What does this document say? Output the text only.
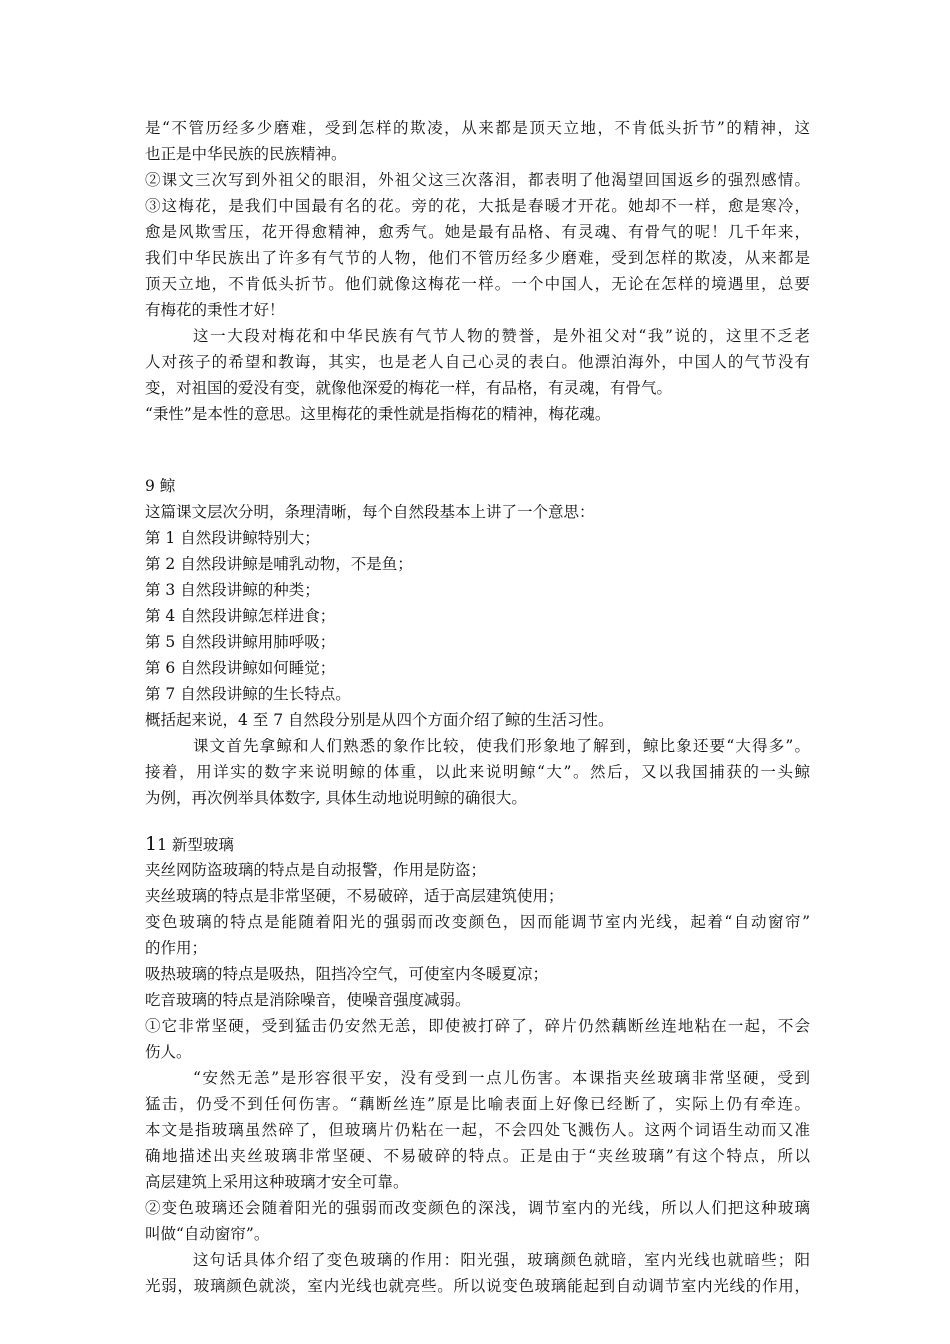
是“不管历经多少磨难，受到怎样的欺凌，从来都是顶天立地，不肯低头折节”的精神，这
也正是中华民族的民族精神。
②课文三次写到外祖父的眼泪，外祖父这三次落泪，都表明了他渴望回国返乡的强烈感情。
③这梅花，是我们中国最有名的花。旁的花，大抵是春暖才开花。她却不一样，愈是寒冷，
愈是风欺雪压，花开得愈精神，愈秀气。她是最有品格、有灵魂、有骨气的呢！几千年来，
我们中华民族出了许多有气节的人物，他们不管历经多少磨难，受到怎样的欺凌，从来都是
顶天立地，不肯低头折节。他们就像这梅花一样。一个中国人，无论在怎样的境遇里，总要
有梅花的秉性才好！
这一大段对梅花和中华民族有气节人物的赞誉，是外祖父对“我”说的，这里不乏老
人对孩子的希望和教诲，其实，也是老人自己心灵的表白。他漂泊海外，中国人的气节没有
变，对祖国的爱没有变，就像他深爱的梅花一样，有品格，有灵魂，有骨气。
“秉性”是本性的意思。这里梅花的秉性就是指梅花的精神，梅花魂。
9 鲸
这篇课文层次分明，条理清晰，每个自然段基本上讲了一个意思：
第 1 自然段讲鲸特别大；
第 2 自然段讲鲸是哺乳动物，不是鱼；
第 3 自然段讲鲸的种类；
第 4 自然段讲鲸怎样进食；
第 5 自然段讲鲸用肺呼吸；
第 6 自然段讲鲸如何睡觉；
第 7 自然段讲鲸的生长特点。
概括起来说，4 至 7 自然段分别是从四个方面介绍了鲸的生活习性。
课文首先拿鲸和人们熟悉的象作比较，使我们形象地了解到，鲸比象还要“大得多”。
接着，用详实的数字来说明鲸的体重，以此来说明鲸“大”。然后，又以我国捕获的一头鲸
为例，再次例举具体数字, 具体生动地说明鲸的确很大。
11 新型玻璃
夹丝网防盗玻璃的特点是自动报警，作用是防盗；
夹丝玻璃的特点是非常坚硬，不易破碎，适于高层建筑使用；
变色玻璃的特点是能随着阳光的强弱而改变颜色，因而能调节室内光线，起着“自动窗帘”
的作用；
吸热玻璃的特点是吸热，阻挡冷空气，可使室内冬暖夏凉；
吃音玻璃的特点是消除噪音，使噪音强度减弱。
①它非常坚硬，受到猛击仍安然无恙，即使被打碎了，碎片仍然藕断丝连地粘在一起，不会
伤人。
“安然无恙”是形容很平安，没有受到一点儿伤害。本课指夹丝玻璃非常坚硬，受到
猛击，仍受不到任何伤害。“藕断丝连”原是比喻表面上好像已经断了，实际上仍有牵连。
本文是指玻璃虽然碎了，但玻璃片仍粘在一起，不会四处飞溅伤人。这两个词语生动而又准
确地描述出夹丝玻璃非常坚硬、不易破碎的特点。正是由于“夹丝玻璃”有这个特点，所以
高层建筑上采用这种玻璃才安全可靠。
②变色玻璃还会随着阳光的强弱而改变颜色的深浅，调节室内的光线，所以人们把这种玻璃
叫做“自动窗帘”。
这句话具体介绍了变色玻璃的作用：阳光强，玻璃颜色就暗，室内光线也就暗些；阳
光弱，玻璃颜色就淡，室内光线也就亮些。所以说变色玻璃能起到自动调节室内光线的作用，
